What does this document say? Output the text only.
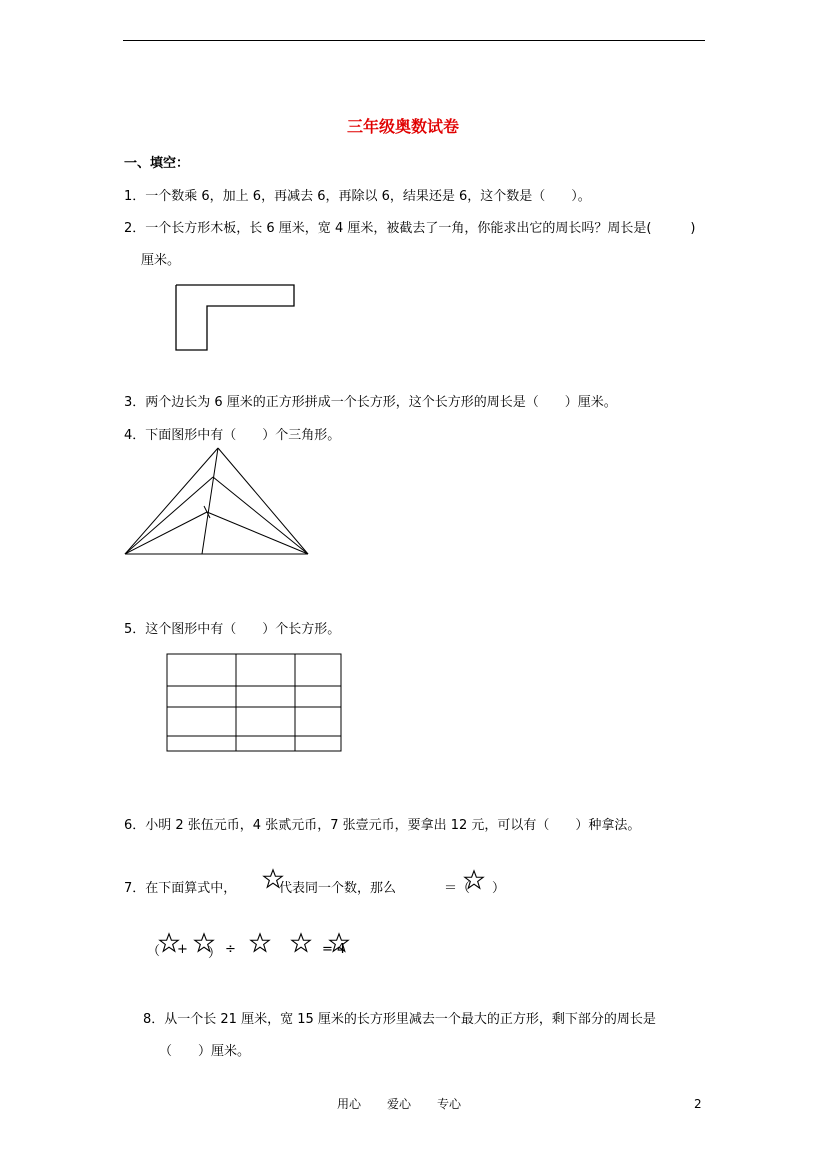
三年级奥数试卷
一、填空：
1．一个数乘 6，加上 6，再减去 6，再除以 6，结果还是 6，这个数是（　　）。
2．一个长方形木板，长 6 厘米，宽 4 厘米，被截去了一角，你能求出它的周长吗？周长是(　　　)
厘米。
3．两个边长为 6 厘米的正方形拼成一个长方形，这个长方形的周长是（　　）厘米。
4．下面图形中有（　　）个三角形。
5．这个图形中有（　　）个长方形。
6．小明 2 张伍元币，4 张贰元币，7 张壹元币，要拿出 12 元，可以有（　　）种拿法。
7．在下面算式中，	代表同一个数，那么	＝（ ）
（ + ） ÷	= 4
8．从一个长 21 厘米，宽 15 厘米的长方形里减去一个最大的正方形，剩下部分的周长是
（　　）厘米。
用心 爱心 专心	2
